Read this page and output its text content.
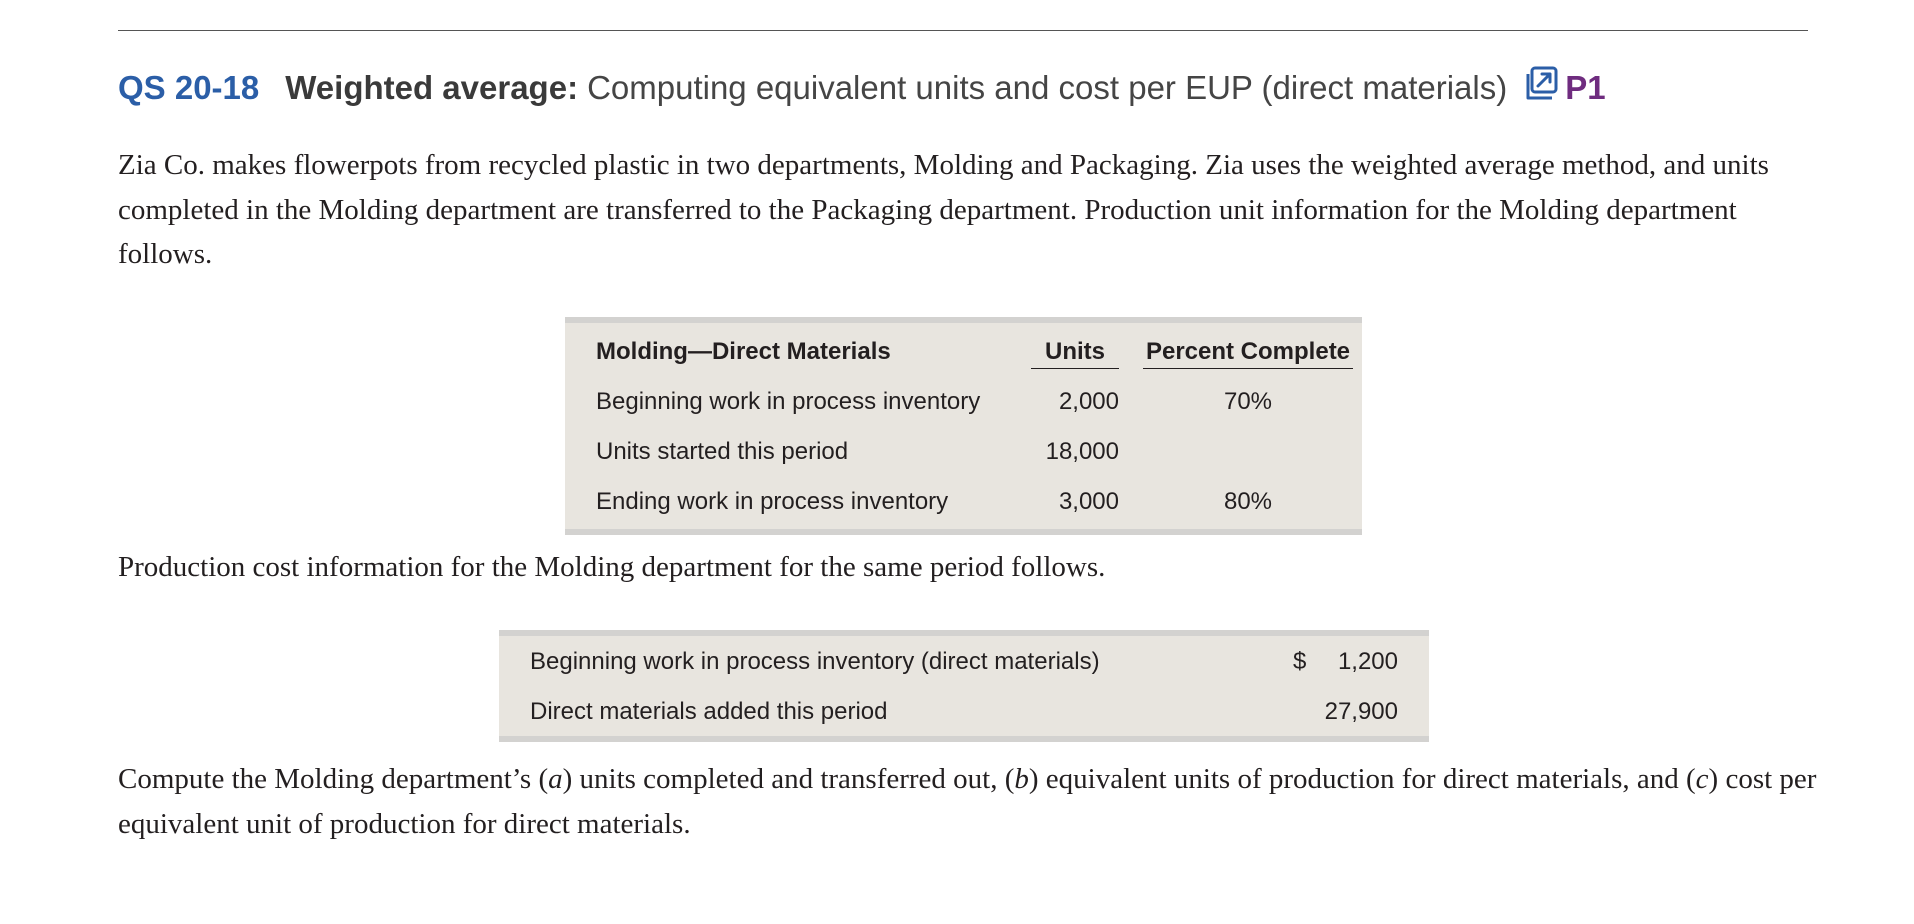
QS 20-18 Weighted average: Computing equivalent units and cost per EUP (direct materials) P1
Zia Co. makes flowerpots from recycled plastic in two departments, Molding and Packaging. Zia uses the weighted average method, and units completed in the Molding department are transferred to the Packaging department. Production unit information for the Molding department follows.
Molding—Direct Materials	Units	Percent Complete
Beginning work in process inventory	2,000	70%
Units started this period	18,000
Ending work in process inventory	3,000	80%
Production cost information for the Molding department for the same period follows.
Beginning work in process inventory (direct materials)	$	1,200
Direct materials added this period	27,900
Compute the Molding department’s (a) units completed and transferred out, (b) equivalent units of production for direct materials, and (c) cost per equivalent unit of production for direct materials.
